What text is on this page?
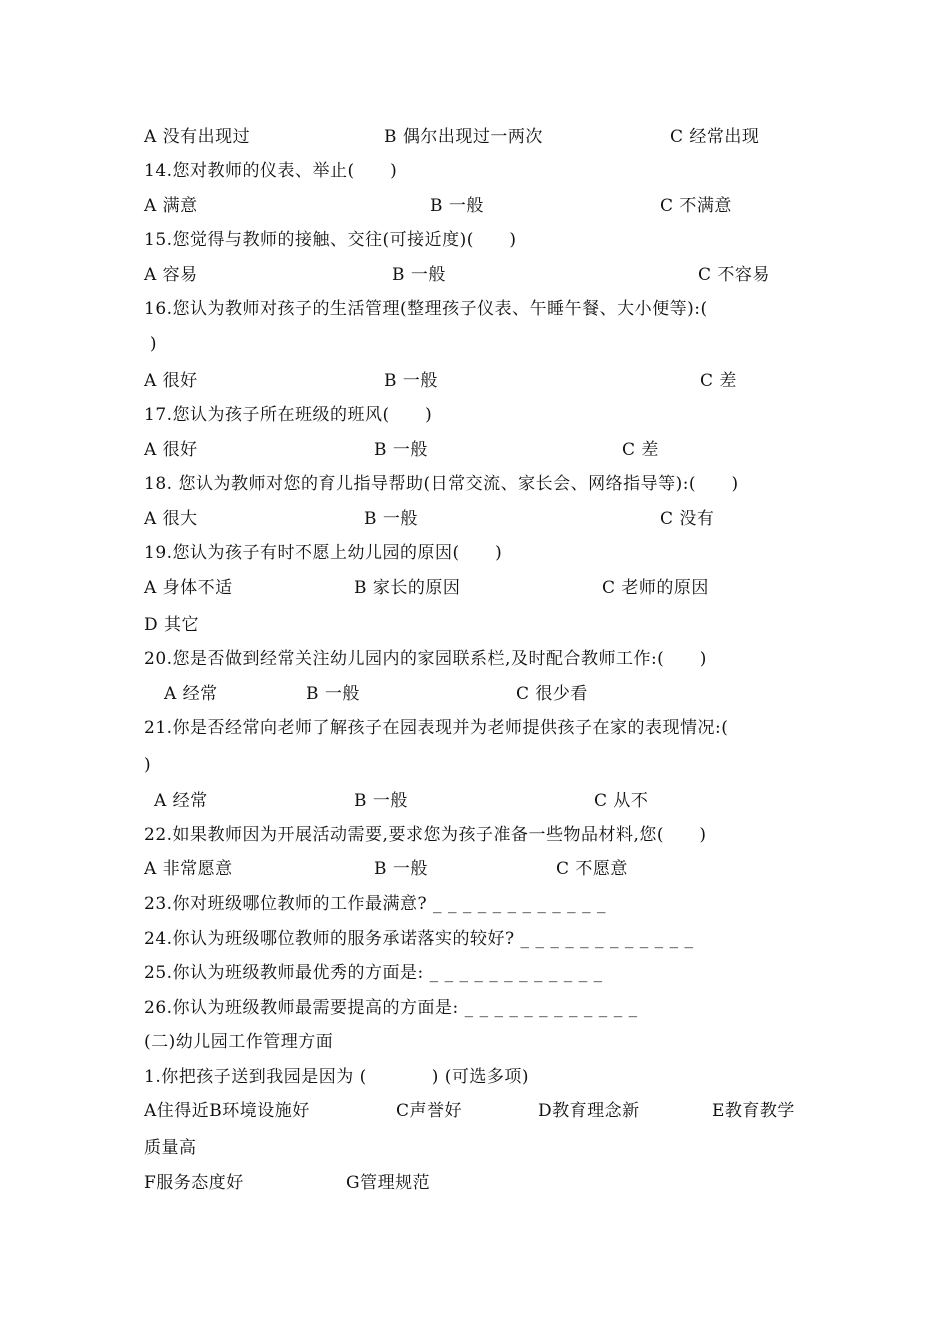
A 没有出现过

	B 偶尔出现过一两次

	C 经常出现

14.您对教师的仪表、举止(      )

A 满意

	B 一般

	C 不满意

15.您觉得与教师的接触、交往(可接近度)(      )

A 容易

	B 一般

	C 不容易

16.您认为教师对孩子的生活管理(整理孩子仪表、午睡午餐、大小便等):(
)

A 很好

	B 一般

	C 差

17.您认为孩子所在班级的班风(      )

A 很好

	B 一般

	C 差

18. 您认为教师对您的育儿指导帮助(日常交流、家长会、网络指导等):(      )

A 很大

	B 一般

	C 没有

19.您认为孩子有时不愿上幼儿园的原因(      )

A 身体不适

	B 家长的原因

	C 老师的原因

D 其它
20.您是否做到经常关注幼儿园内的家园联系栏,及时配合教师工作:(      )

A 经常

	B 一般

	C 很少看

21.你是否经常向老师了解孩子在园表现并为老师提供孩子在家的表现情况:(
)

A 经常

	B 一般

	C 从不

22.如果教师因为开展活动需要,要求您为孩子准备一些物品材料,您(      )

A 非常愿意

	B 一般

	C 不愿意

23.你对班级哪位教师的工作最满意? _ _ _ _ _ _ _ _ _ _ _ _
24.你认为班级哪位教师的服务承诺落实的较好? _ _ _ _ _ _ _ _ _ _ _ _
25.你认为班级教师最优秀的方面是: _ _ _ _ _ _ _ _ _ _ _ _
26.你认为班级教师最需要提高的方面是: _ _ _ _ _ _ _ _ _ _ _ _
(二)幼儿园工作管理方面
1.你把孩子送到我园是因为 (           ) (可选多项)

A住得近B环境设施好

	C声誉好

	D教育理念新

	E教育教学

质量高

F服务态度好

	G管理规范
